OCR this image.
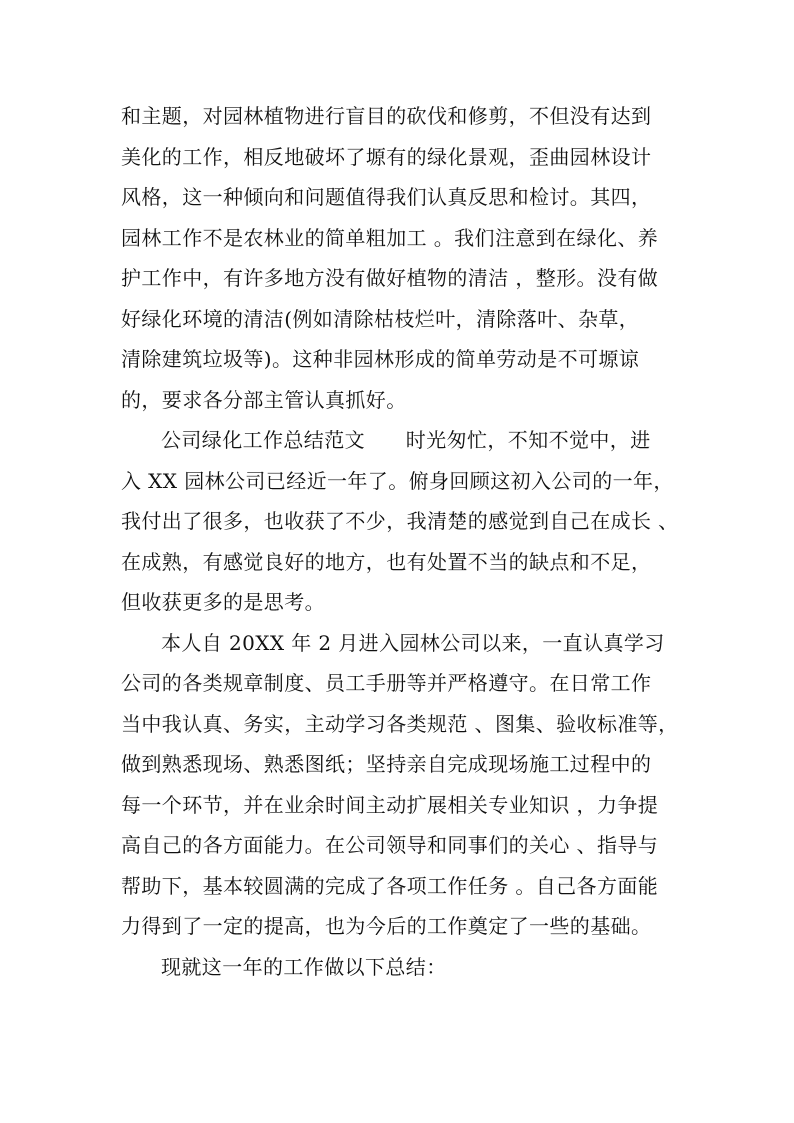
和主题，对园林植物进行盲目的砍伐和修剪，不但没有达到
美化的工作，相反地破坏了塬有的绿化景观，歪曲园林设计
风格，这一种倾向和问题值得我们认真反思和检讨。其四，
园林工作不是农林业的简单粗加工 。我们注意到在绿化、养
护工作中，有许多地方没有做好植物的清洁 ，整形。没有做
好绿化环境的清洁(例如清除枯枝烂叶，清除落叶、杂草，
清除建筑垃圾等)。这种非园林形成的简单劳动是不可塬谅
的，要求各分部主管认真抓好。
公司绿化工作总结范文　　时光匆忙，不知不觉中，进
入 XX 园林公司已经近一年了。俯身回顾这初入公司的一年，
我付出了很多，也收获了不少，我清楚的感觉到自己在成长 、
在成熟，有感觉良好的地方，也有处置不当的缺点和不足，
但收获更多的是思考。
本人自 20XX 年 2 月进入园林公司以来，一直认真学习
公司的各类规章制度、员工手册等并严格遵守。在日常工作
当中我认真、务实，主动学习各类规范 、图集、验收标准等，
做到熟悉现场、熟悉图纸；坚持亲自完成现场施工过程中的
每一个环节，并在业余时间主动扩展相关专业知识 ，力争提
高自己的各方面能力。在公司领导和同事们的关心 、指导与
帮助下，基本较圆满的完成了各项工作任务 。自己各方面能
力得到了一定的提高，也为今后的工作奠定了一些的基础。
现就这一年的工作做以下总结：
